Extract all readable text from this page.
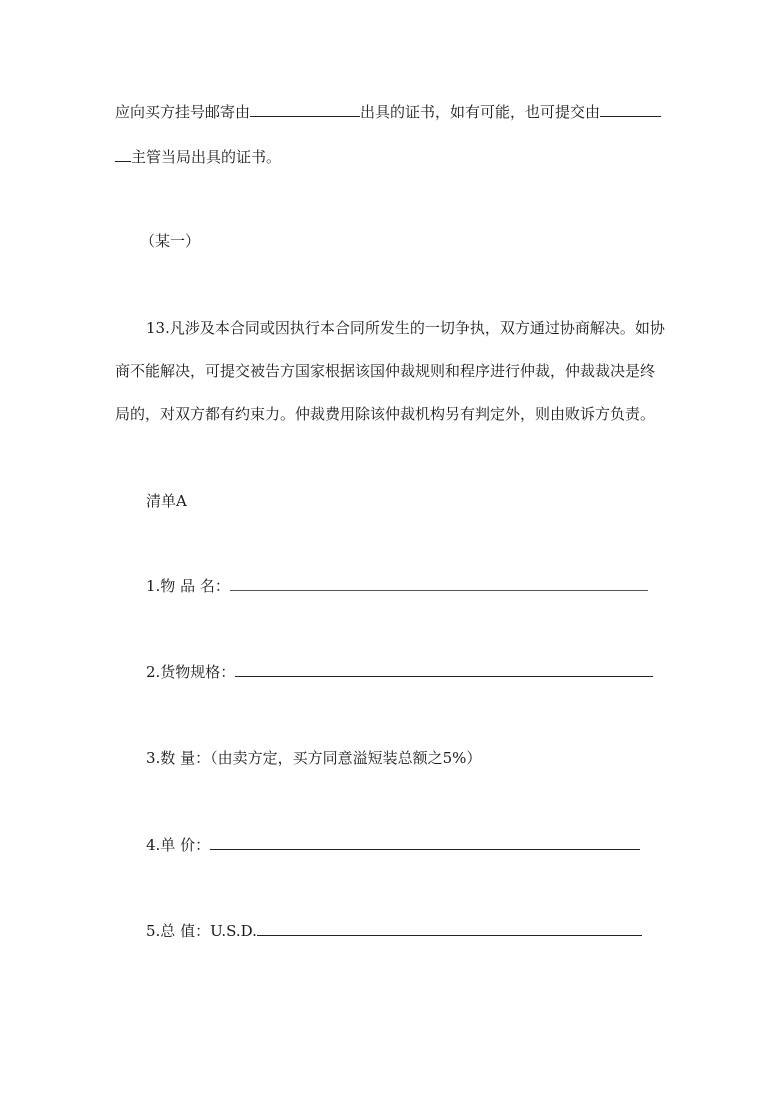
应向买方挂号邮寄由	出具的证书，如有可能，也可提交由
主管当局出具的证书。
（某一）
13.凡涉及本合同或因执行本合同所发生的一切争执，双方通过协商解决。如协
商不能解决，可提交被告方国家根据该国仲裁规则和程序进行仲裁，仲裁裁决是终
局的，对双方都有约束力。仲裁费用除该仲裁机构另有判定外，则由败诉方负责。
清单A
1.物 品 名：
2.货物规格：
3.数 量：（由卖方定，买方同意溢短装总额之5%）
4.单 价：
5.总 值：U.S.D.
